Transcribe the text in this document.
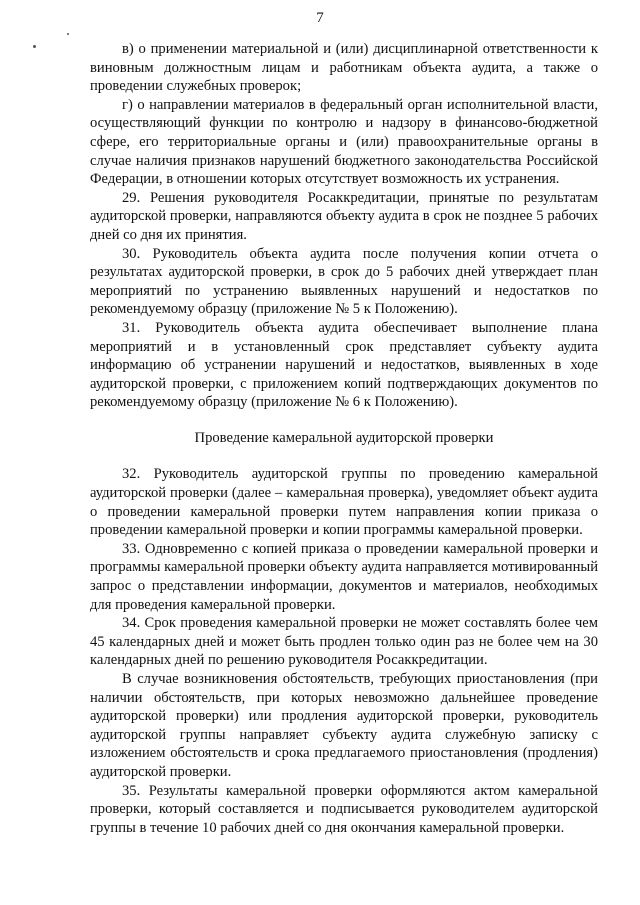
7

в) о применении материальной и (или) дисциплинарной ответственности к виновным должностным лицам и работникам объекта аудита, а также о проведении служебных проверок;

г) о направлении материалов в федеральный орган исполнительной власти, осуществляющий функции по контролю и надзору в финансово-бюджетной сфере, его территориальные органы и (или) правоохранительные органы в случае наличия признаков нарушений бюджетного законодательства Российской Федерации, в отношении которых отсутствует возможность их устранения.

29. Решения руководителя Росаккредитации, принятые по результатам аудиторской проверки, направляются объекту аудита в срок не позднее 5 рабочих дней со дня их принятия.

30. Руководитель объекта аудита после получения копии отчета о результатах аудиторской проверки, в срок до 5 рабочих дней утверждает план мероприятий по устранению выявленных нарушений и недостатков по рекомендуемому образцу (приложение № 5 к Положению).

31. Руководитель объекта аудита обеспечивает выполнение плана мероприятий и в установленный срок представляет субъекту аудита информацию об устранении нарушений и недостатков, выявленных в ходе аудиторской проверки, с приложением копий подтверждающих документов по рекомендуемому образцу (приложение № 6 к Положению).

Проведение камеральной аудиторской проверки

32. Руководитель аудиторской группы по проведению камеральной аудиторской проверки (далее – камеральная проверка), уведомляет объект аудита о проведении камеральной проверки путем направления копии приказа о проведении камеральной проверки и копии программы камеральной проверки.

33. Одновременно с копией приказа о проведении камеральной проверки и программы камеральной проверки объекту аудита направляется мотивированный запрос о представлении информации, документов и материалов, необходимых для проведения камеральной проверки.

34. Срок проведения камеральной проверки не может составлять более чем 45 календарных дней и может быть продлен только один раз не более чем на 30 календарных дней по решению руководителя Росаккредитации.

В случае возникновения обстоятельств, требующих приостановления (при наличии обстоятельств, при которых невозможно дальнейшее проведение аудиторской проверки) или продления аудиторской проверки, руководитель аудиторской группы направляет субъекту аудита служебную записку с изложением обстоятельств и срока предлагаемого приостановления (продления) аудиторской проверки.

35. Результаты камеральной проверки оформляются актом камеральной проверки, который составляется и подписывается руководителем аудиторской группы в течение 10 рабочих дней со дня окончания камеральной проверки.
